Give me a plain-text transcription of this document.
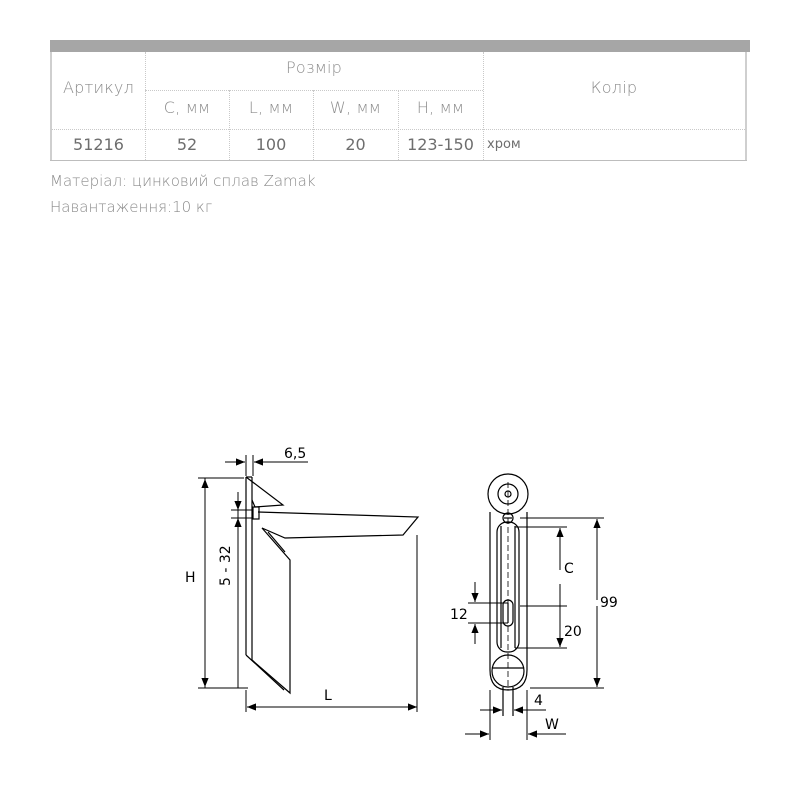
Артикул
Розмір
Колір
C, мм	L, мм	W, мм	H, мм
51216	52	100	20	123-150	хром
Матеріал: цинковий сплав Zamak
Навантаження:10 кг
6,5
H 5 - 32
L
C
99
12
20
4
W
